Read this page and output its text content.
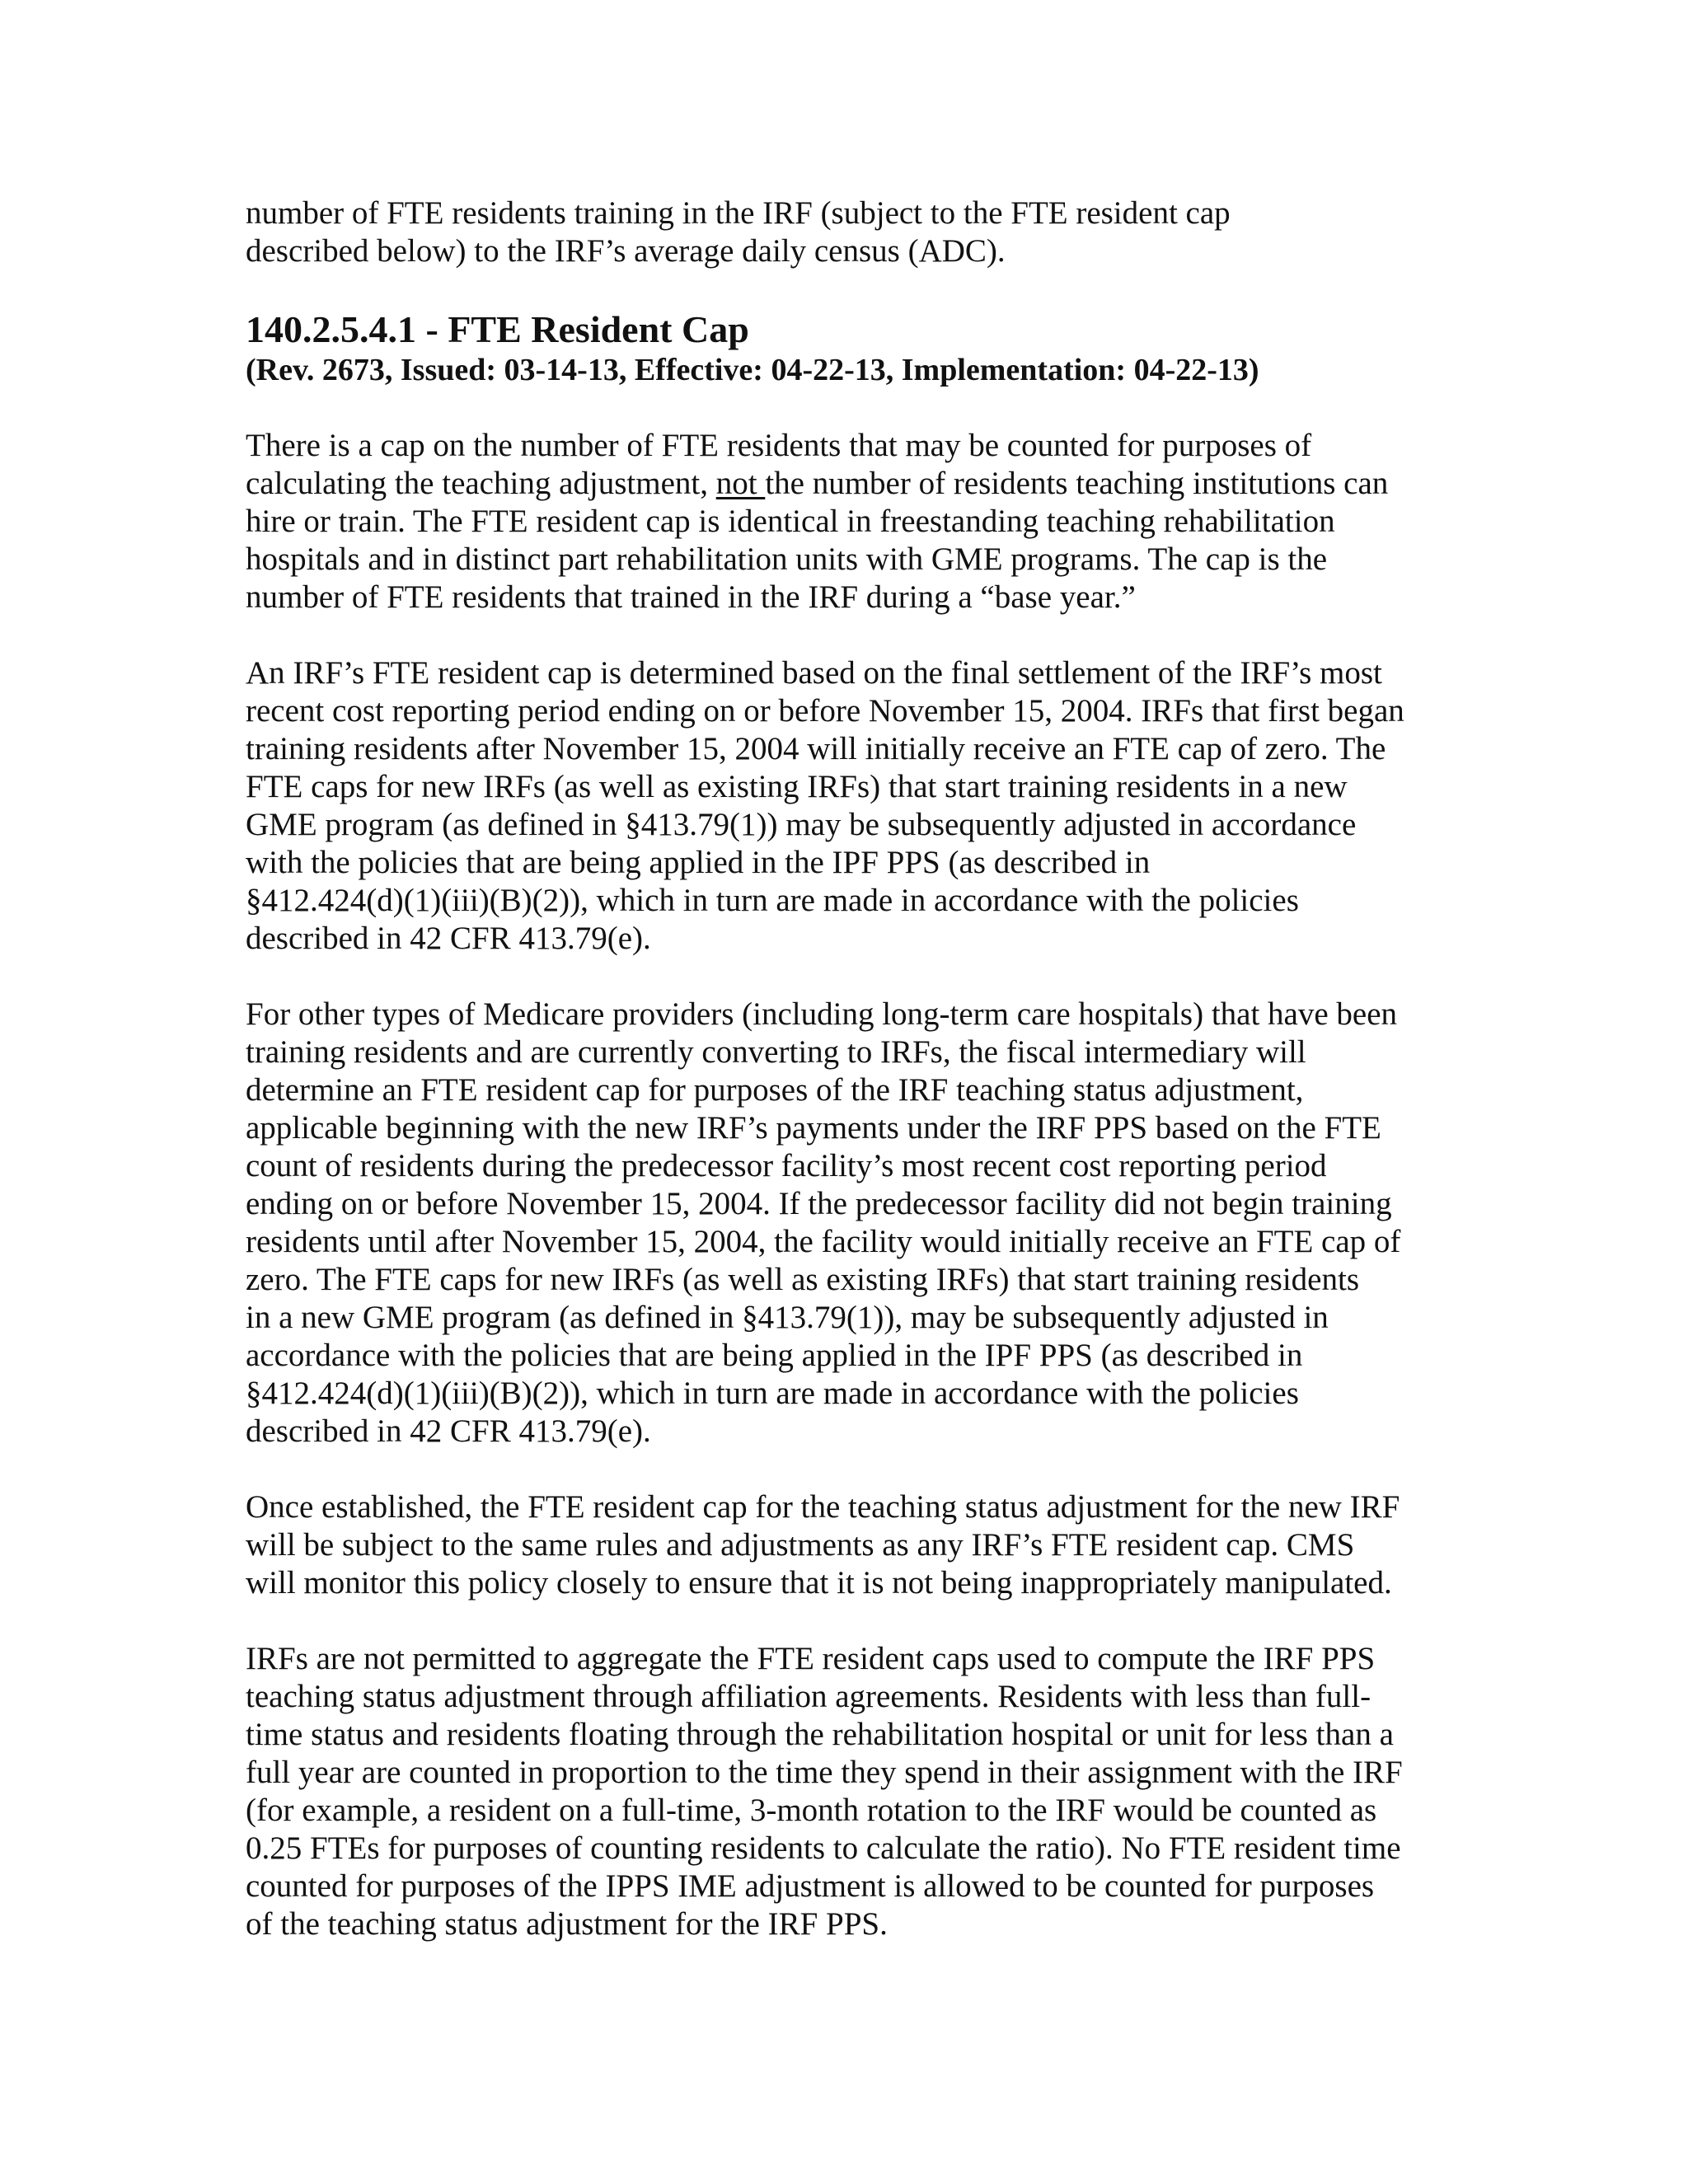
number of FTE residents training in the IRF (subject to the FTE resident cap
described below) to the IRF’s average daily census (ADC).

140.2.5.4.1 - FTE Resident Cap

(Rev. 2673, Issued: 03-14-13, Effective: 04-22-13, Implementation: 04-22-13)

There is a cap on the number of FTE residents that may be counted for purposes of
calculating the teaching adjustment, not the number of residents teaching institutions can
hire or train. The FTE resident cap is identical in freestanding teaching rehabilitation
hospitals and in distinct part rehabilitation units with GME programs. The cap is the
number of FTE residents that trained in the IRF during a “base year.”

An IRF’s FTE resident cap is determined based on the final settlement of the IRF’s most
recent cost reporting period ending on or before November 15, 2004. IRFs that first began
training residents after November 15, 2004 will initially receive an FTE cap of zero. The
FTE caps for new IRFs (as well as existing IRFs) that start training residents in a new
GME program (as defined in §413.79(1)) may be subsequently adjusted in accordance
with the policies that are being applied in the IPF PPS (as described in
§412.424(d)(1)(iii)(B)(2)), which in turn are made in accordance with the policies
described in 42 CFR 413.79(e).

For other types of Medicare providers (including long-term care hospitals) that have been
training residents and are currently converting to IRFs, the fiscal intermediary will
determine an FTE resident cap for purposes of the IRF teaching status adjustment,
applicable beginning with the new IRF’s payments under the IRF PPS based on the FTE
count of residents during the predecessor facility’s most recent cost reporting period
ending on or before November 15, 2004. If the predecessor facility did not begin training
residents until after November 15, 2004, the facility would initially receive an FTE cap of
zero. The FTE caps for new IRFs (as well as existing IRFs) that start training residents
in a new GME program (as defined in §413.79(1)), may be subsequently adjusted in
accordance with the policies that are being applied in the IPF PPS (as described in
§412.424(d)(1)(iii)(B)(2)), which in turn are made in accordance with the policies
described in 42 CFR 413.79(e).

Once established, the FTE resident cap for the teaching status adjustment for the new IRF
will be subject to the same rules and adjustments as any IRF’s FTE resident cap. CMS
will monitor this policy closely to ensure that it is not being inappropriately manipulated.

IRFs are not permitted to aggregate the FTE resident caps used to compute the IRF PPS
teaching status adjustment through affiliation agreements. Residents with less than full-
time status and residents floating through the rehabilitation hospital or unit for less than a
full year are counted in proportion to the time they spend in their assignment with the IRF
(for example, a resident on a full-time, 3-month rotation to the IRF would be counted as
0.25 FTEs for purposes of counting residents to calculate the ratio). No FTE resident time
counted for purposes of the IPPS IME adjustment is allowed to be counted for purposes
of the teaching status adjustment for the IRF PPS.
